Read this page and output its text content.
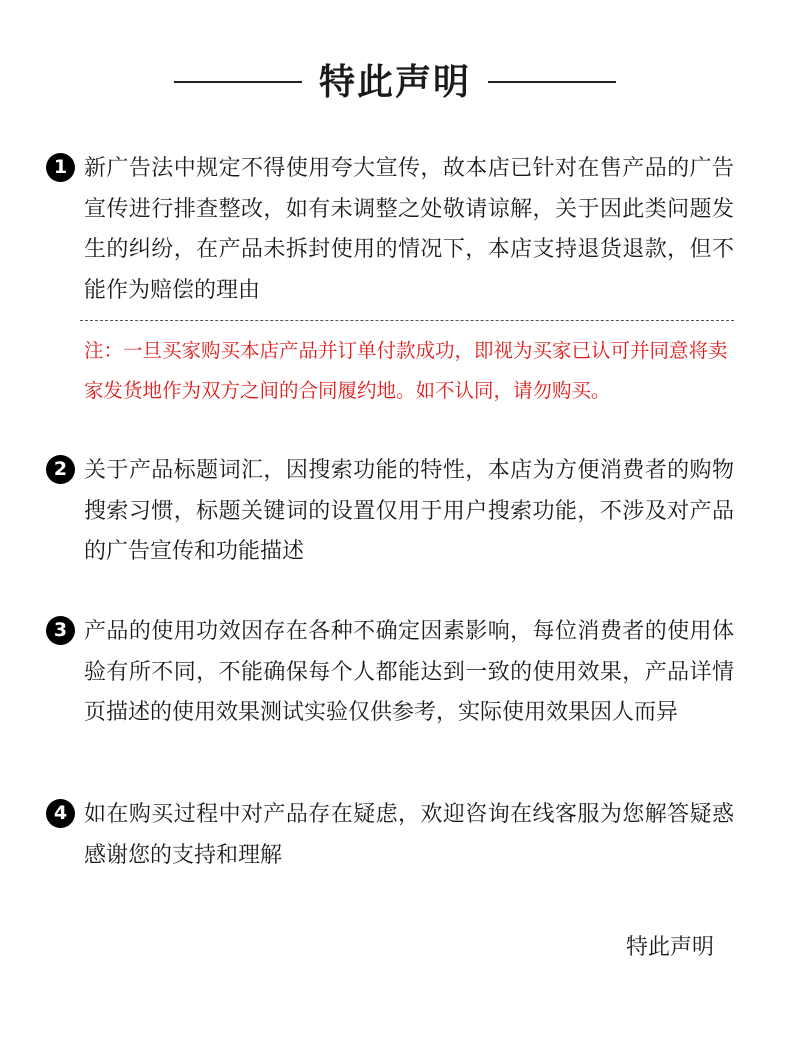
特此声明
1 新广告法中规定不得使用夸大宣传，故本店已针对在售产品的广告宣传进行排查整改，如有未调整之处敬请谅解，关于因此类问题发生的纠纷，在产品未拆封使用的情况下，本店支持退货退款，但不能作为赔偿的理由
注：一旦买家购买本店产品并订单付款成功，即视为买家已认可并同意将卖家发货地作为双方之间的合同履约地。如不认同，请勿购买。
2 关于产品标题词汇，因搜索功能的特性，本店为方便消费者的购物搜索习惯，标题关键词的设置仅用于用户搜索功能，不涉及对产品的广告宣传和功能描述
3 产品的使用功效因存在各种不确定因素影响，每位消费者的使用体验有所不同，不能确保每个人都能达到一致的使用效果，产品详情页描述的使用效果测试实验仅供参考，实际使用效果因人而异
4 如在购买过程中对产品存在疑虑，欢迎咨询在线客服为您解答疑惑感谢您的支持和理解
特此声明
